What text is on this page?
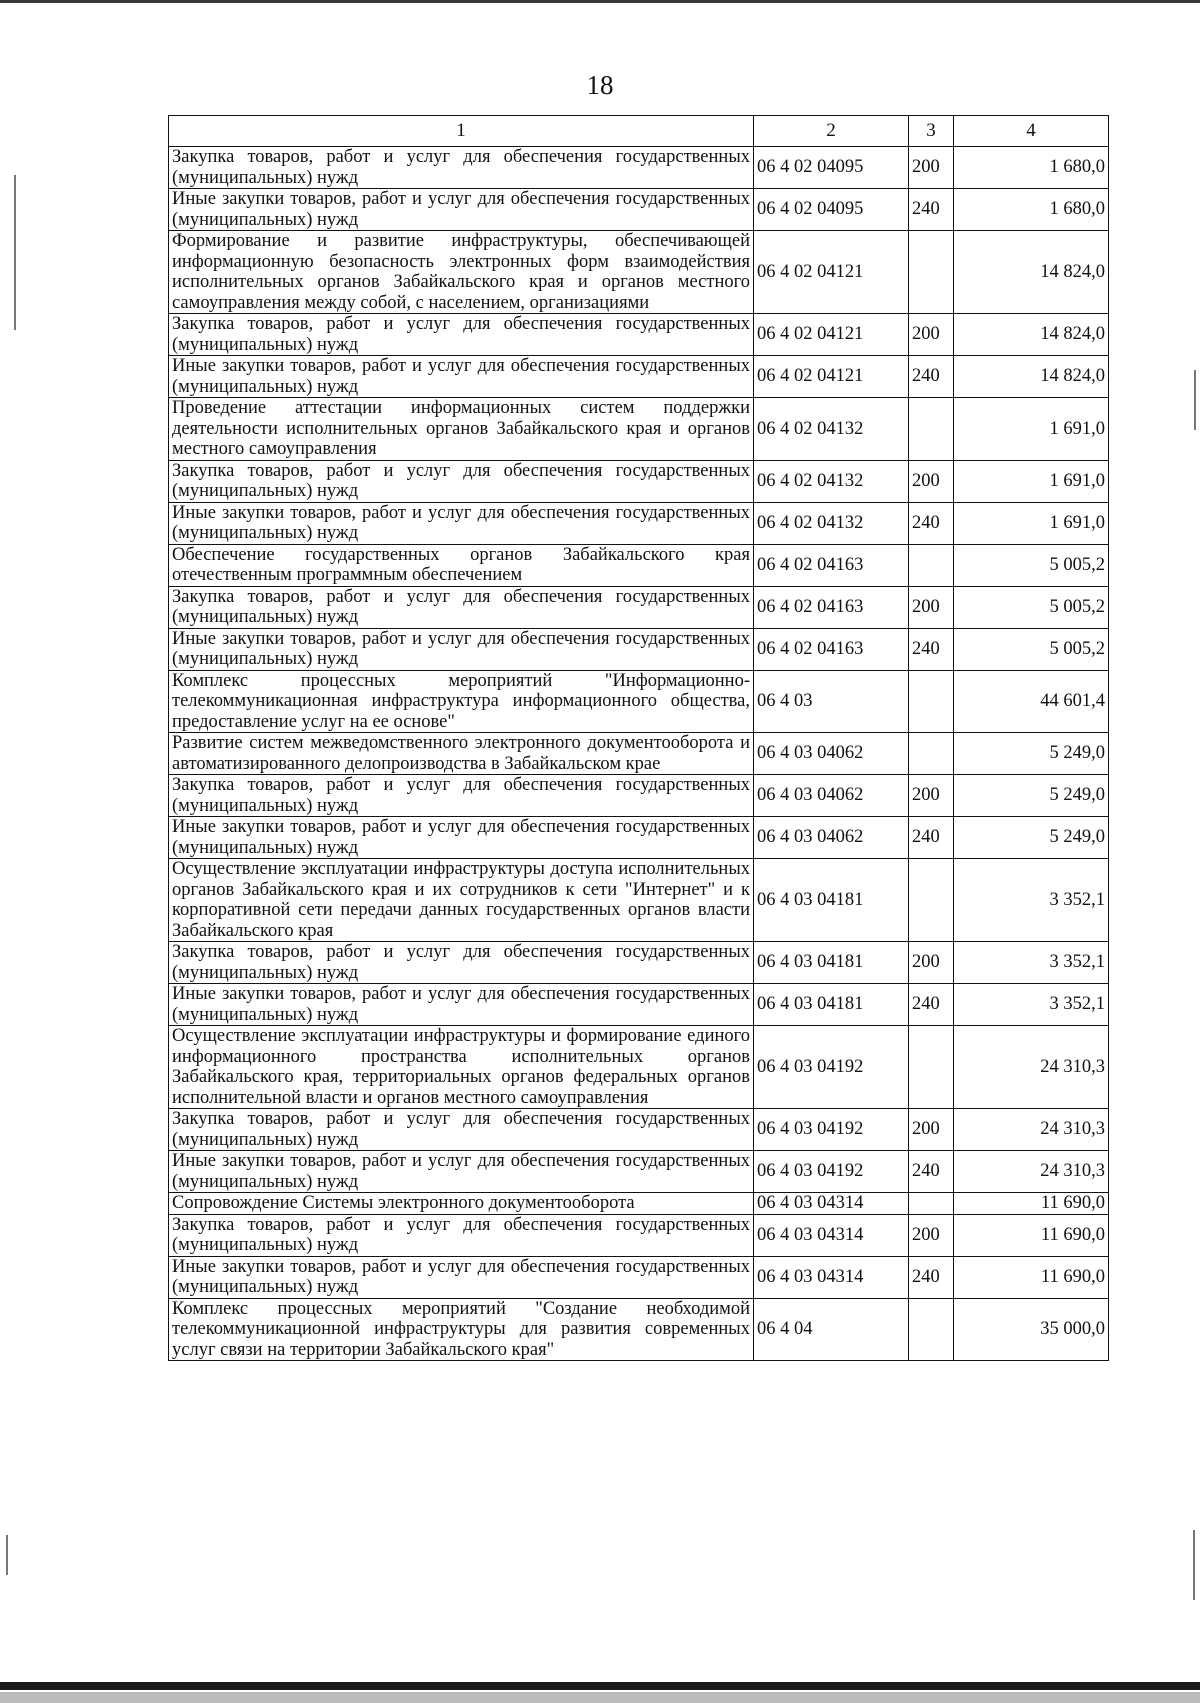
18
1	2	3	4
Закупка товаров, работ и услуг для обеспечения государственных (муниципальных) нужд	06 4 02 04095	200	1 680,0
Иные закупки товаров, работ и услуг для обеспечения государственных (муниципальных) нужд	06 4 02 04095	240	1 680,0
Формирование и развитие инфраструктуры, обеспечивающей информационную безопасность электронных форм взаимодействия исполнительных органов Забайкальского края и органов местного самоуправления между собой, с населением, организациями	06 4 02 04121		14 824,0
Закупка товаров, работ и услуг для обеспечения государственных (муниципальных) нужд	06 4 02 04121	200	14 824,0
Иные закупки товаров, работ и услуг для обеспечения государственных (муниципальных) нужд	06 4 02 04121	240	14 824,0
Проведение аттестации информационных систем поддержки деятельности исполнительных органов Забайкальского края и органов местного самоуправления	06 4 02 04132		1 691,0
Закупка товаров, работ и услуг для обеспечения государственных (муниципальных) нужд	06 4 02 04132	200	1 691,0
Иные закупки товаров, работ и услуг для обеспечения государственных (муниципальных) нужд	06 4 02 04132	240	1 691,0
Обеспечение государственных органов Забайкальского края отечественным программным обеспечением	06 4 02 04163		5 005,2
Закупка товаров, работ и услуг для обеспечения государственных (муниципальных) нужд	06 4 02 04163	200	5 005,2
Иные закупки товаров, работ и услуг для обеспечения государственных (муниципальных) нужд	06 4 02 04163	240	5 005,2
Комплекс процессных мероприятий "Информационно-телекоммуникационная инфраструктура информационного общества, предоставление услуг на ее основе"	06 4 03		44 601,4
Развитие систем межведомственного электронного документооборота и автоматизированного делопроизводства в Забайкальском крае	06 4 03 04062		5 249,0
Закупка товаров, работ и услуг для обеспечения государственных (муниципальных) нужд	06 4 03 04062	200	5 249,0
Иные закупки товаров, работ и услуг для обеспечения государственных (муниципальных) нужд	06 4 03 04062	240	5 249,0
Осуществление эксплуатации инфраструктуры доступа исполнительных органов Забайкальского края и их сотрудников к сети "Интернет" и к корпоративной сети передачи данных государственных органов власти Забайкальского края	06 4 03 04181		3 352,1
Закупка товаров, работ и услуг для обеспечения государственных (муниципальных) нужд	06 4 03 04181	200	3 352,1
Иные закупки товаров, работ и услуг для обеспечения государственных (муниципальных) нужд	06 4 03 04181	240	3 352,1
Осуществление эксплуатации инфраструктуры и формирование единого информационного пространства исполнительных органов Забайкальского края, территориальных органов федеральных органов исполнительной власти и органов местного самоуправления	06 4 03 04192		24 310,3
Закупка товаров, работ и услуг для обеспечения государственных (муниципальных) нужд	06 4 03 04192	200	24 310,3
Иные закупки товаров, работ и услуг для обеспечения государственных (муниципальных) нужд	06 4 03 04192	240	24 310,3
Сопровождение Системы электронного документооборота	06 4 03 04314		11 690,0
Закупка товаров, работ и услуг для обеспечения государственных (муниципальных) нужд	06 4 03 04314	200	11 690,0
Иные закупки товаров, работ и услуг для обеспечения государственных (муниципальных) нужд	06 4 03 04314	240	11 690,0
Комплекс процессных мероприятий "Создание необходимой телекоммуникационной инфраструктуры для развития современных услуг связи на территории Забайкальского края"	06 4 04		35 000,0
